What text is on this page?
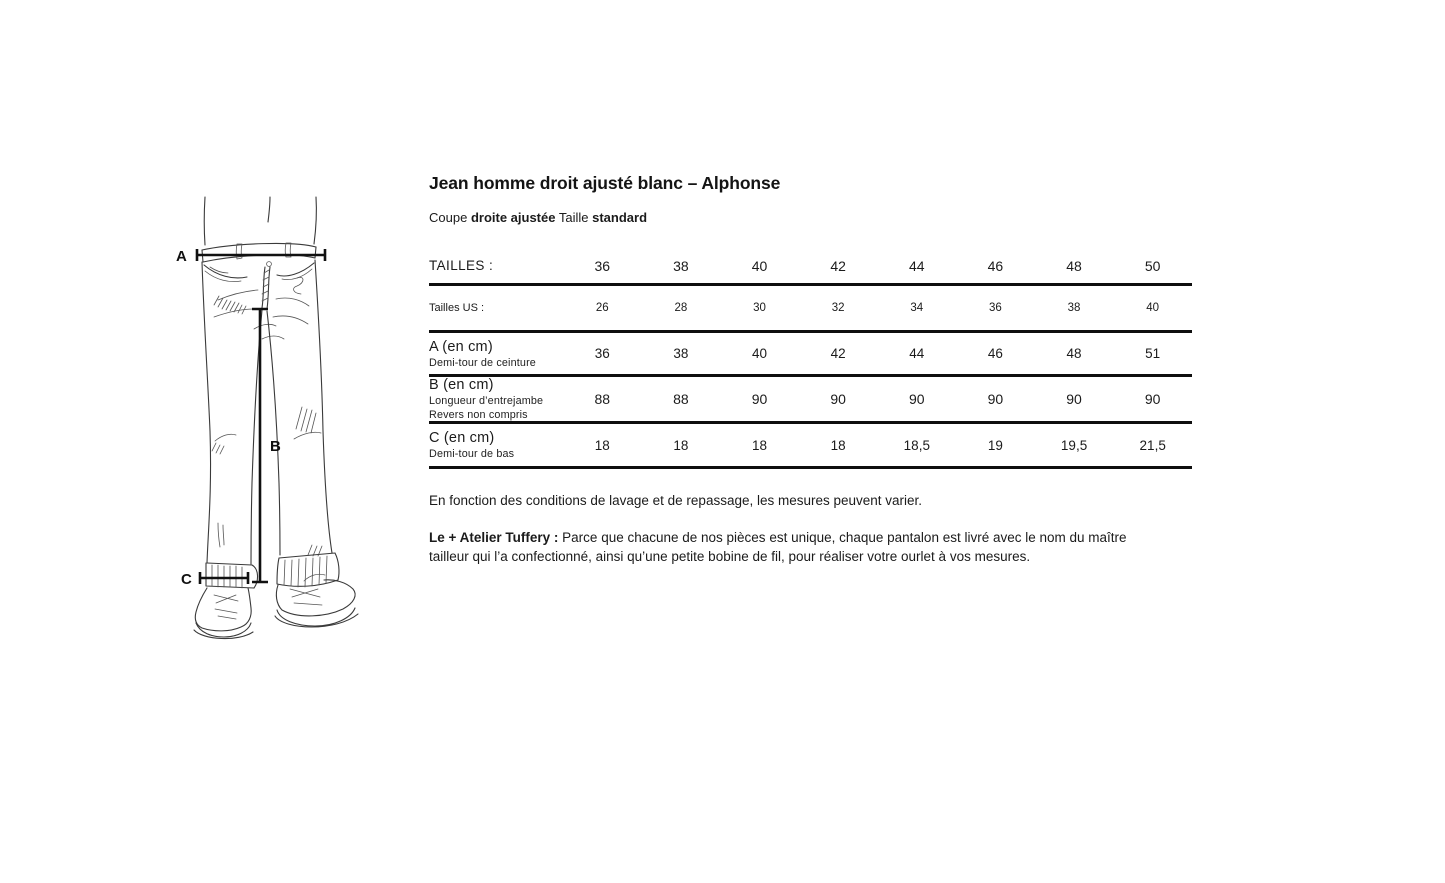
A
B
C
Jean homme droit ajusté blanc – Alphonse

Coupe droite ajustée Taille standard

TAILLES :	36	38	40	42	44	46	48	50
Tailles US :	26	28	30	32	34	36	38	40
A (en cm)
Demi-tour de ceinture
36	38	40	42	44	46	48	51
B (en cm)
Longueur d’entrejambe
Revers non compris
88	88	90	90	90	90	90	90
C (en cm)
Demi-tour de bas
18	18	18	18	18,5	19	19,5	21,5

En fonction des conditions de lavage et de repassage, les mesures peuvent varier.

Le + Atelier Tuffery : Parce que chacune de nos pièces est unique, chaque pantalon est livré avec le nom du maître tailleur qui l’a confectionné, ainsi qu’une petite bobine de fil, pour réaliser votre ourlet à vos mesures.
